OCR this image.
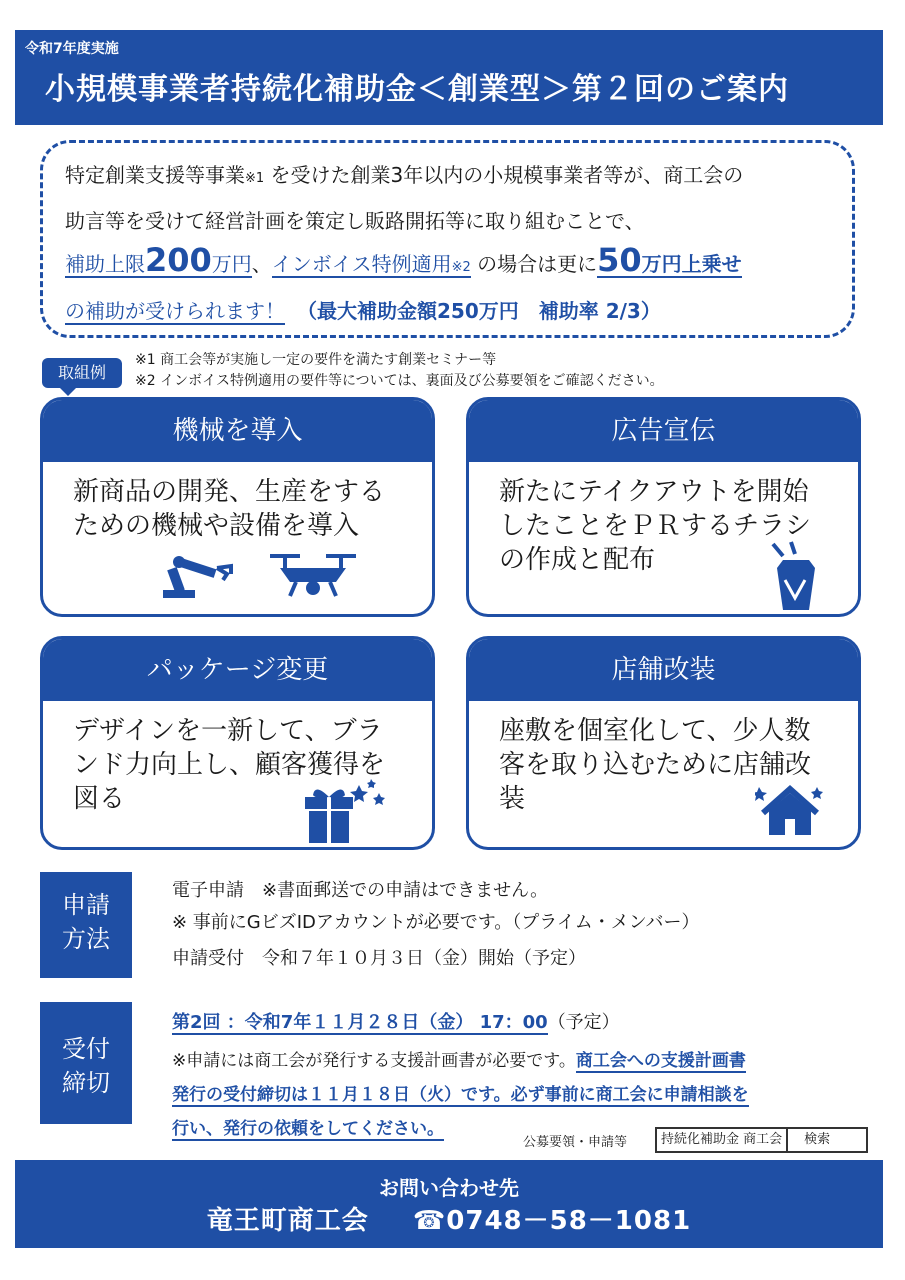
令和7年度実施
小規模事業者持続化補助金＜創業型＞第２回のご案内
特定創業支援等事業※1 を受けた創業3年以内の小規模事業者等が、商工会の
助言等を受けて経営計画を策定し販路開拓等に取り組むことで、
補助上限200万円、インボイス特例適用※2 の場合は更に50万円上乗せ
の補助が受けられます！ （最大補助金額250万円　補助率 2/3）
取組例
※1 商工会等が実施し一定の要件を満たす創業セミナー等
※2 インボイス特例適用の要件等については、裏面及び公募要領をご確認ください。
機械を導入
新商品の開発、生産をするための機械や設備を導入
広告宣伝
新たにテイクアウトを開始したことをＰＲするチラシの作成と配布
パッケージ変更
デザインを一新して、ブランド力向上し、顧客獲得を図る
店舗改装
座敷を個室化して、少人数客を取り込むために店舗改装
申請
方法
電子申請　※書面郵送での申請はできません。
※ 事前にGビズIDアカウントが必要です。（プライム・メンバー）
申請受付　令和７年１０月３日（金）開始（予定）
受付
締切
第2回 ：令和7年１１月２８日（金） 17：00（予定）
※申請には商工会が発行する支援計画書が必要です。商工会への支援計画書
発行の受付締切は１１月１８日（火）です。必ず事前に商工会に申請相談を
行い、発行の依頼をしてください。
公募要領・申請等	持続化補助金 商工会	検索
お問い合わせ先
竜王町商工会 ☎0748－58－1081
